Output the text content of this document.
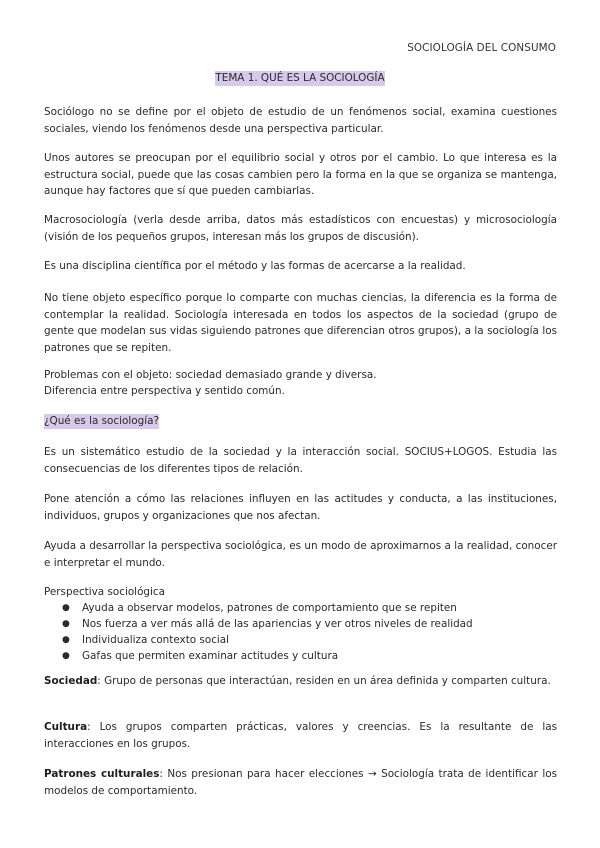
SOCIOLOGÍA DEL CONSUMO
TEMA 1. QUÉ ES LA SOCIOLOGÍA
Sociólogo no se define por el objeto de estudio de un fenómenos social, examina cuestiones sociales, viendo los fenómenos desde una perspectiva particular.
Unos autores se preocupan por el equilibrio social y otros por el cambio. Lo que interesa es la estructura social, puede que las cosas cambien pero la forma en la que se organiza se mantenga, aunque hay factores que sí que pueden cambiarlas.
Macrosociología (verla desde arriba, datos más estadísticos con encuestas) y microsociología (visión de los pequeños grupos, interesan más los grupos de discusión).
Es una disciplina científica por el método y las formas de acercarse a la realidad.
No tiene objeto específico porque lo comparte con muchas ciencias, la diferencia es la forma de contemplar la realidad. Sociología interesada en todos los aspectos de la sociedad (grupo de gente que modelan sus vidas siguiendo patrones que diferencian otros grupos), a la sociología los patrones que se repiten.
Problemas con el objeto: sociedad demasiado grande y diversa.
Diferencia entre perspectiva y sentido común.
¿Qué es la sociología?
Es un sistemático estudio de la sociedad y la interacción social. SOCIUS+LOGOS. Estudia las consecuencias de los diferentes tipos de relación.
Pone atención a cómo las relaciones influyen en las actitudes y conducta, a las instituciones, individuos, grupos y organizaciones que nos afectan.
Ayuda a desarrollar la perspectiva sociológica, es un modo de aproximarnos a la realidad, conocer e interpretar el mundo.
Perspectiva sociológica
● Ayuda a observar modelos, patrones de comportamiento que se repiten
● Nos fuerza a ver más allá de las apariencias y ver otros niveles de realidad
● Individualiza contexto social
● Gafas que permiten examinar actitudes y cultura
Sociedad: Grupo de personas que interactúan, residen en un área definida y comparten cultura.
Cultura: Los grupos comparten prácticas, valores y creencias. Es la resultante de las interacciones en los grupos.
Patrones culturales: Nos presionan para hacer elecciones → Sociología trata de identificar los modelos de comportamiento.
